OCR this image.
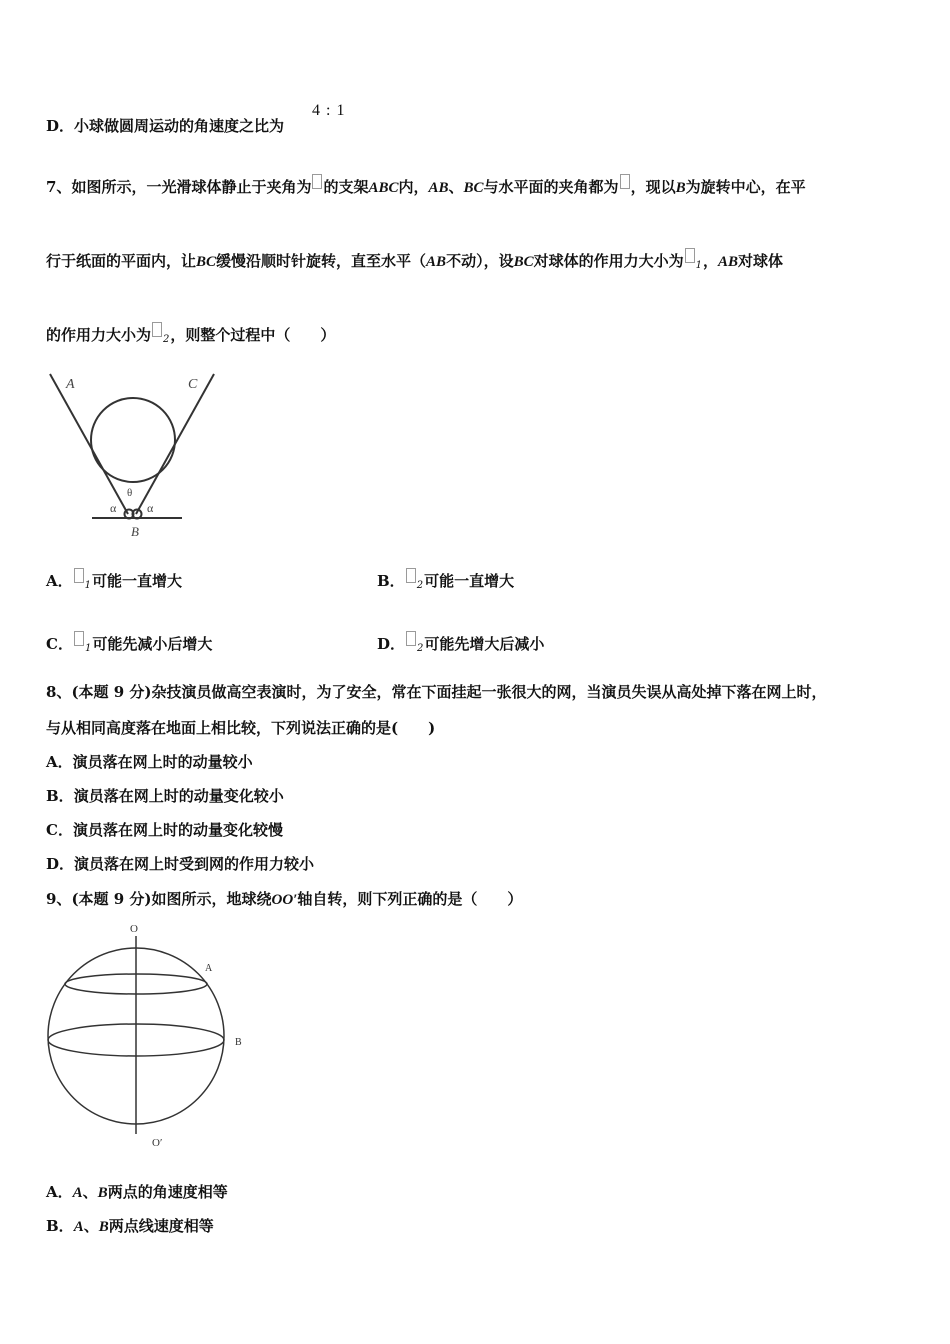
D．小球做圆周运动的角速度之比为
4 : 1
7、如图所示，一光滑球体静止于夹角为 的支架ABC内，AB、BC与水平面的夹角都为 ，现以B为旋转中心，在平
行于纸面的平面内，让BC缓慢沿顺时针旋转，直至水平（AB不动），设BC对球体的作用力大小为 $_1$，AB对球体
的作用力大小为 $_2$，则整个过程中（　　）
A	C
θ
α	α
B
A． $_1$可能一直增大	B． $_2$可能一直增大
C． $_1$可能先减小后增大	D． $_2$可能先增大后减小
8、(本题 9 分)杂技演员做高空表演时，为了安全，常在下面挂起一张很大的网，当演员失误从高处掉下落在网上时，
与从相同高度落在地面上相比较，下列说法正确的是(　　)
A．演员落在网上时的动量较小
B．演员落在网上时的动量变化较小
C．演员落在网上时的动量变化较慢
D．演员落在网上时受到网的作用力较小
9、(本题 9 分)如图所示，地球绕OO′轴自转，则下列正确的是（　　）
O
A
B
O′
A．A、B两点的角速度相等
B．A、B两点线速度相等
